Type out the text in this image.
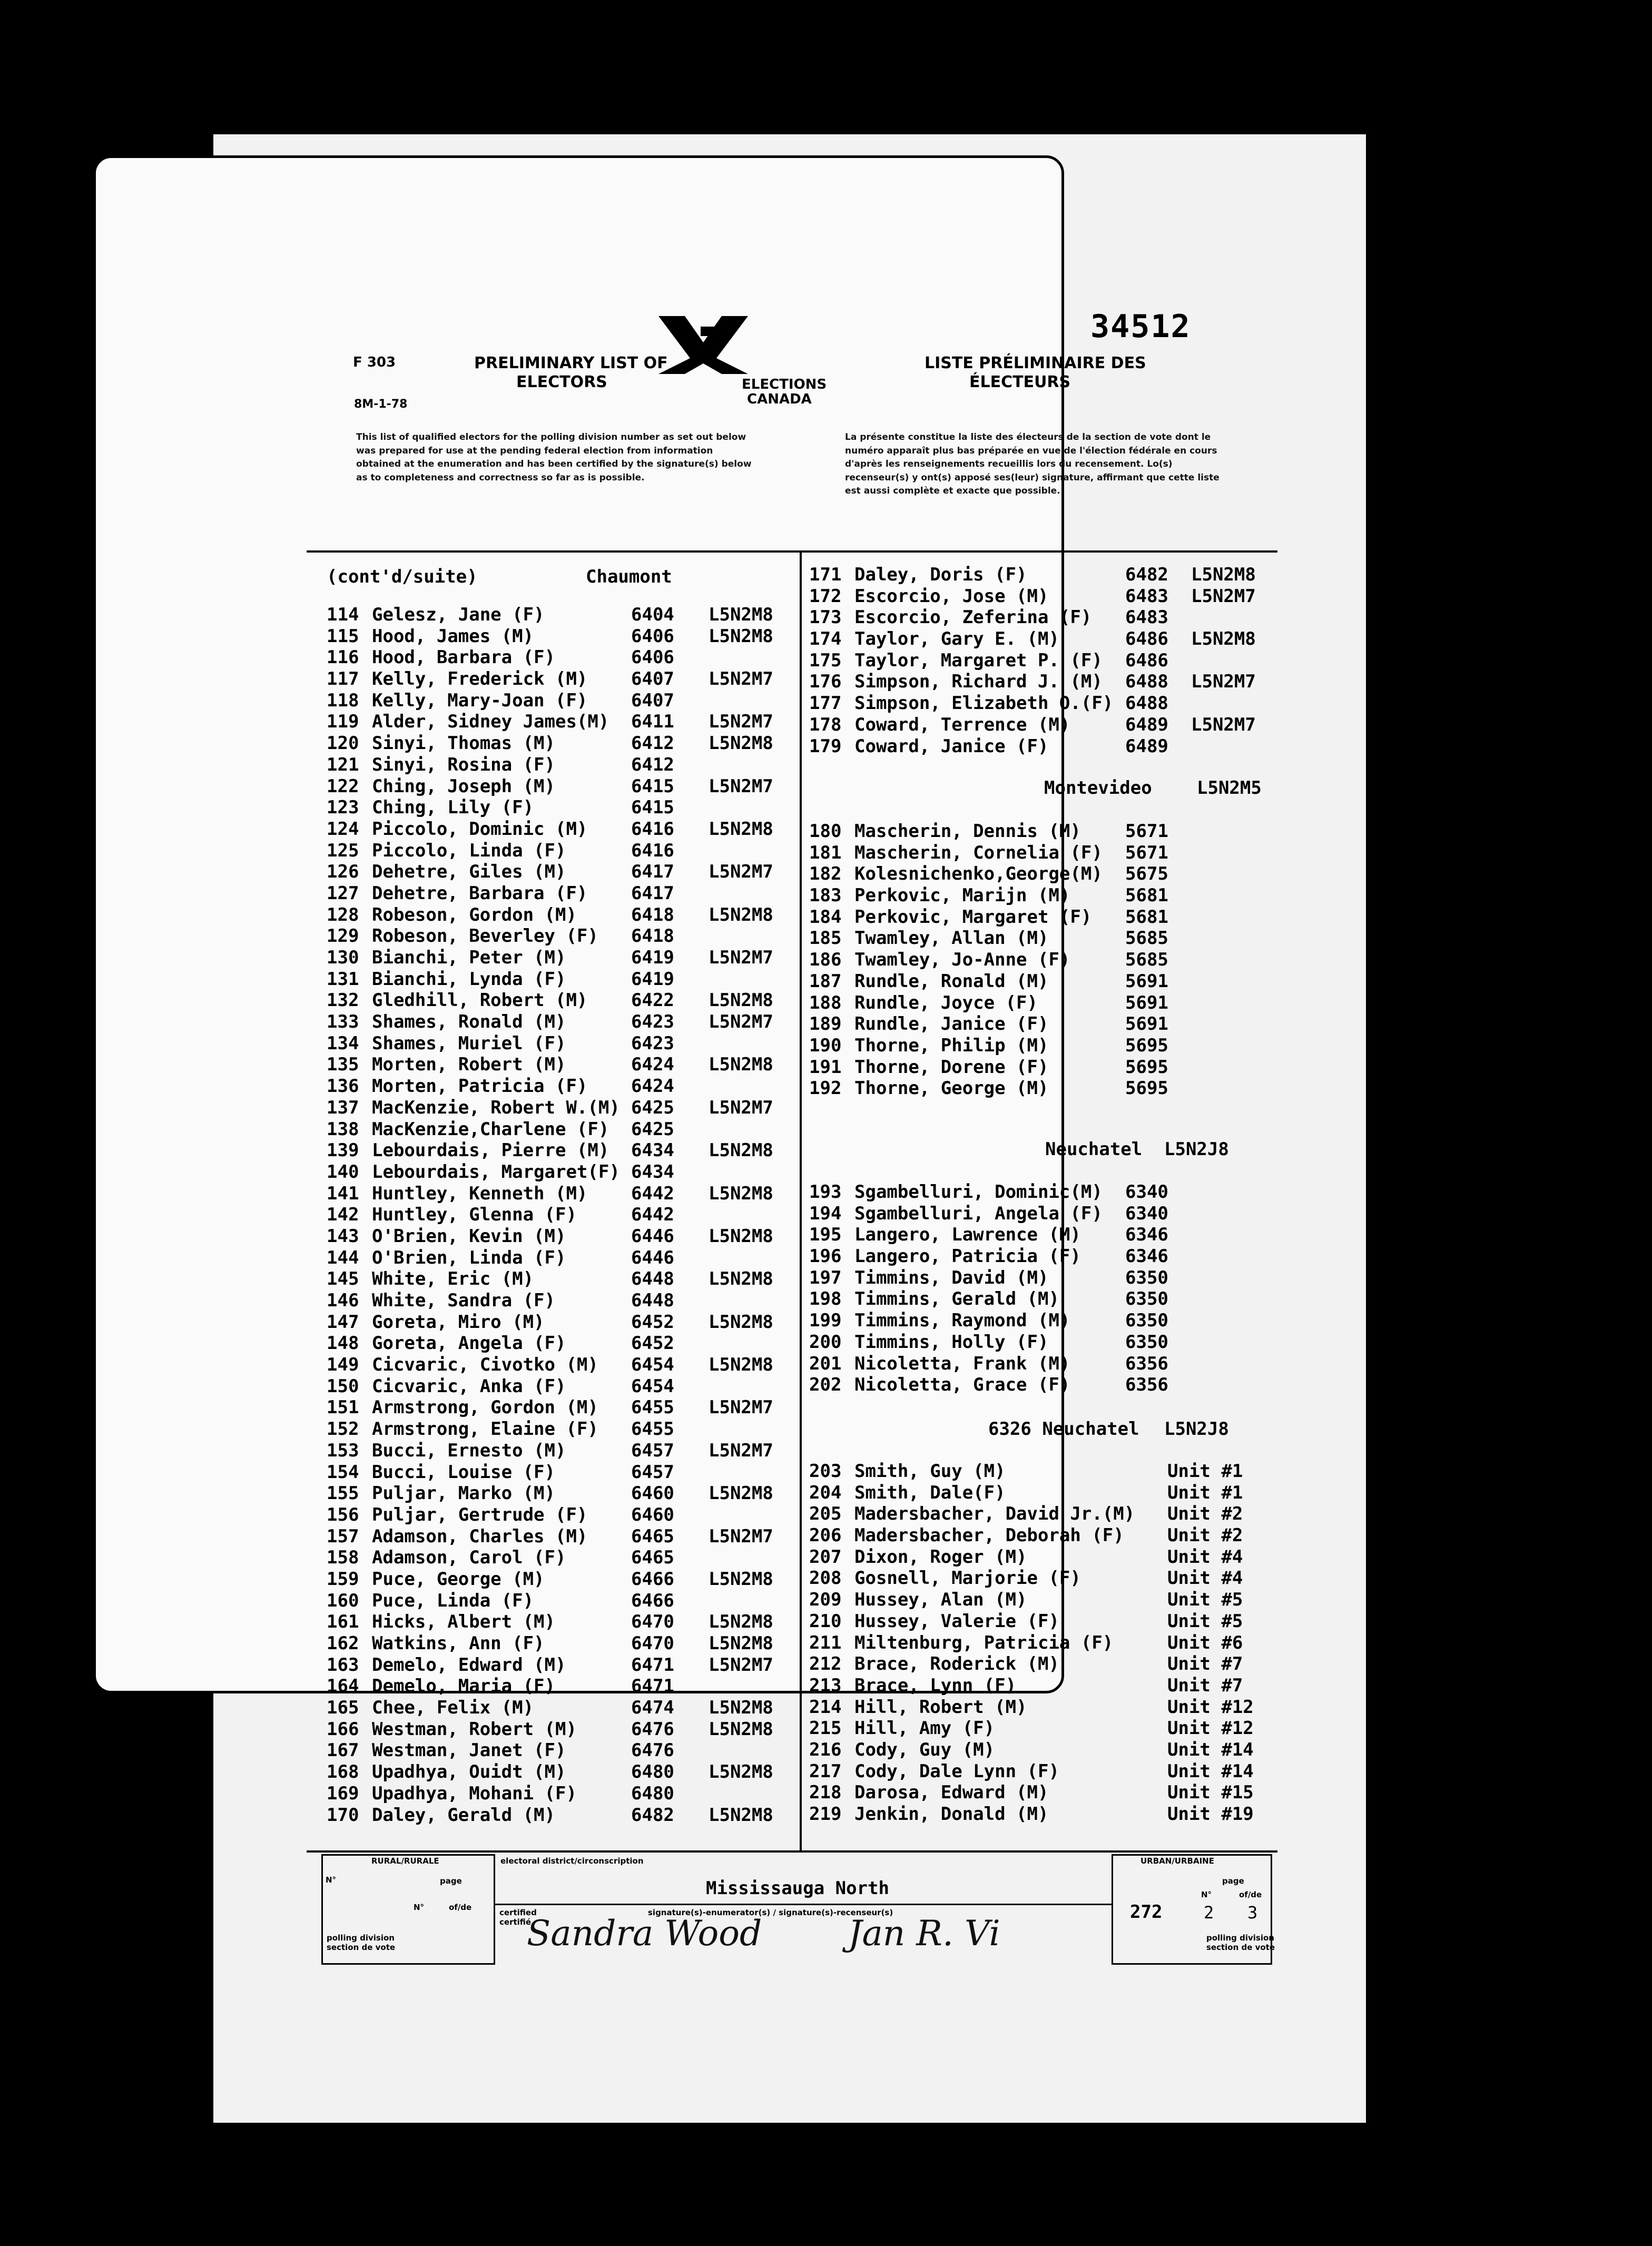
34512
F 303
8M-1-78
PRELIMINARY LIST OF
ELECTORS
LISTE PRÉLIMINAIRE DES
ÉLECTEURS
ELECTIONS
CANADA
This list of qualified electors for the polling division number as set out below was prepared for use at the pending federal election from information obtained at the enumeration and has been certified by the signature(s) below as to completeness and correctness so far as is possible.
La présente constitue la liste des électeurs de la section de vote dont le numéro apparaît plus bas préparée en vue de l'élection fédérale en cours d'après les renseignements recueillis lors du recensement. Lo(s) recenseur(s) y ont(s) apposé ses(leur) signature, affirmant que cette liste est aussi complète et exacte que possible.
(cont'd/suite)	Chaumont
114 Gelesz, Jane (F)	6404 L5N2M8
115 Hood, James (M)	6406 L5N2M8
116 Hood, Barbara (F)	6406
117 Kelly, Frederick (M) 6407 L5N2M7
118 Kelly, Mary-Joan (F) 6407
119 Alder, Sidney James(M) 6411 L5N2M7
120 Sinyi, Thomas (M)	6412 L5N2M8
121 Sinyi, Rosina (F)	6412
122 Ching, Joseph (M)	6415 L5N2M7
123 Ching, Lily (F)	6415
124 Piccolo, Dominic (M) 6416 L5N2M8
125 Piccolo, Linda (F)	6416
126 Dehetre, Giles (M)	6417 L5N2M7
127 Dehetre, Barbara (F) 6417
128 Robeson, Gordon (M)	6418 L5N2M8
129 Robeson, Beverley (F) 6418
130 Bianchi, Peter (M)	6419 L5N2M7
131 Bianchi, Lynda (F)	6419
132 Gledhill, Robert (M) 6422 L5N2M8
133 Shames, Ronald (M)	6423 L5N2M7
134 Shames, Muriel (F)	6423
135 Morten, Robert (M)	6424 L5N2M8
136 Morten, Patricia (F) 6424
137 MacKenzie, Robert W.(M) 6425 L5N2M7
138 MacKenzie,Charlene (F) 6425
139 Lebourdais, Pierre (M) 6434 L5N2M8
140 Lebourdais, Margaret(F) 6434
141 Huntley, Kenneth (M) 6442 L5N2M8
142 Huntley, Glenna (F)	6442
143 O'Brien, Kevin (M)	6446 L5N2M8
144 O'Brien, Linda (F)	6446
145 White, Eric (M)	6448 L5N2M8
146 White, Sandra (F)	6448
147 Goreta, Miro (M)	6452 L5N2M8
148 Goreta, Angela (F)	6452
149 Cicvaric, Civotko (M) 6454 L5N2M8
150 Cicvaric, Anka (F)	6454
151 Armstrong, Gordon (M) 6455 L5N2M7
152 Armstrong, Elaine (F) 6455
153 Bucci, Ernesto (M)	6457 L5N2M7
154 Bucci, Louise (F)	6457
155 Puljar, Marko (M)	6460 L5N2M8
156 Puljar, Gertrude (F) 6460
157 Adamson, Charles (M) 6465 L5N2M7
158 Adamson, Carol (F)	6465
159 Puce, George (M)	6466 L5N2M8
160 Puce, Linda (F)	6466
161 Hicks, Albert (M)	6470 L5N2M8
162 Watkins, Ann (F)	6470 L5N2M8
163 Demelo, Edward (M)	6471 L5N2M7
164 Demelo, Maria (F)	6471
165 Chee, Felix (M)	6474 L5N2M8
166 Westman, Robert (M)	6476 L5N2M8
167 Westman, Janet (F)	6476
168 Upadhya, Ouidt (M)	6480 L5N2M8
169 Upadhya, Mohani (F)	6480
170 Daley, Gerald (M)	6482 L5N2M8
171 Daley, Doris (F)	6482 L5N2M8
172 Escorcio, Jose (M)	6483 L5N2M7
173 Escorcio, Zeferina (F) 6483
174 Taylor, Gary E. (M)	6486 L5N2M8
175 Taylor, Margaret P. (F) 6486
176 Simpson, Richard J. (M) 6488 L5N2M7
177 Simpson, Elizabeth O.(F) 6488
178 Coward, Terrence (M)	6489 L5N2M7
179 Coward, Janice (F)	6489
Montevideo	L5N2M5
180 Mascherin, Dennis (M) 5671
181 Mascherin, Cornelia (F) 5671
182 Kolesnichenko,George(M) 5675
183 Perkovic, Marijn (M)	5681
184 Perkovic, Margaret (F) 5681
185 Twamley, Allan (M)	5685
186 Twamley, Jo-Anne (F)	5685
187 Rundle, Ronald (M)	5691
188 Rundle, Joyce (F)	5691
189 Rundle, Janice (F)	5691
190 Thorne, Philip (M)	5695
191 Thorne, Dorene (F)	5695
192 Thorne, George (M)	5695
Neuchatel L5N2J8
193 Sgambelluri, Dominic(M) 6340
194 Sgambelluri, Angela (F) 6340
195 Langero, Lawrence (M) 6346
196 Langero, Patricia (F) 6346
197 Timmins, David (M)	6350
198 Timmins, Gerald (M)	6350
199 Timmins, Raymond (M)	6350
200 Timmins, Holly (F)	6350
201 Nicoletta, Frank (M)	6356
202 Nicoletta, Grace (F)	6356
6326 Neuchatel L5N2J8
203 Smith, Guy (M)	Unit #1
204 Smith, Dale(F)	Unit #1
205 Madersbacher, David Jr.(M) Unit #2
206 Madersbacher, Deborah (F) Unit #2
207 Dixon, Roger (M)	Unit #4
208 Gosnell, Marjorie (F)	Unit #4
209 Hussey, Alan (M)	Unit #5
210 Hussey, Valerie (F)	Unit #5
211 Miltenburg, Patricia (F)	Unit #6
212 Brace, Roderick (M)	Unit #7
213 Brace, Lynn (F)	Unit #7
214 Hill, Robert (M)	Unit #12
215 Hill, Amy (F)	Unit #12
216 Cody, Guy (M)	Unit #14
217 Cody, Dale Lynn (F)	Unit #14
218 Darosa, Edward (M)	Unit #15
219 Jenkin, Donald (M)	Unit #19
RURAL/RURALE
N°	page
N°	of/de
polling division
section de vote
electoral district/circonscription
Mississauga North
certified
certifié
signature(s)-enumerator(s) / signature(s)-recenseur(s)
Sandra Wood Jan R. Vi
URBAN/URBAINE
page
N°	of/de
272 2 3
polling division
section de vote
